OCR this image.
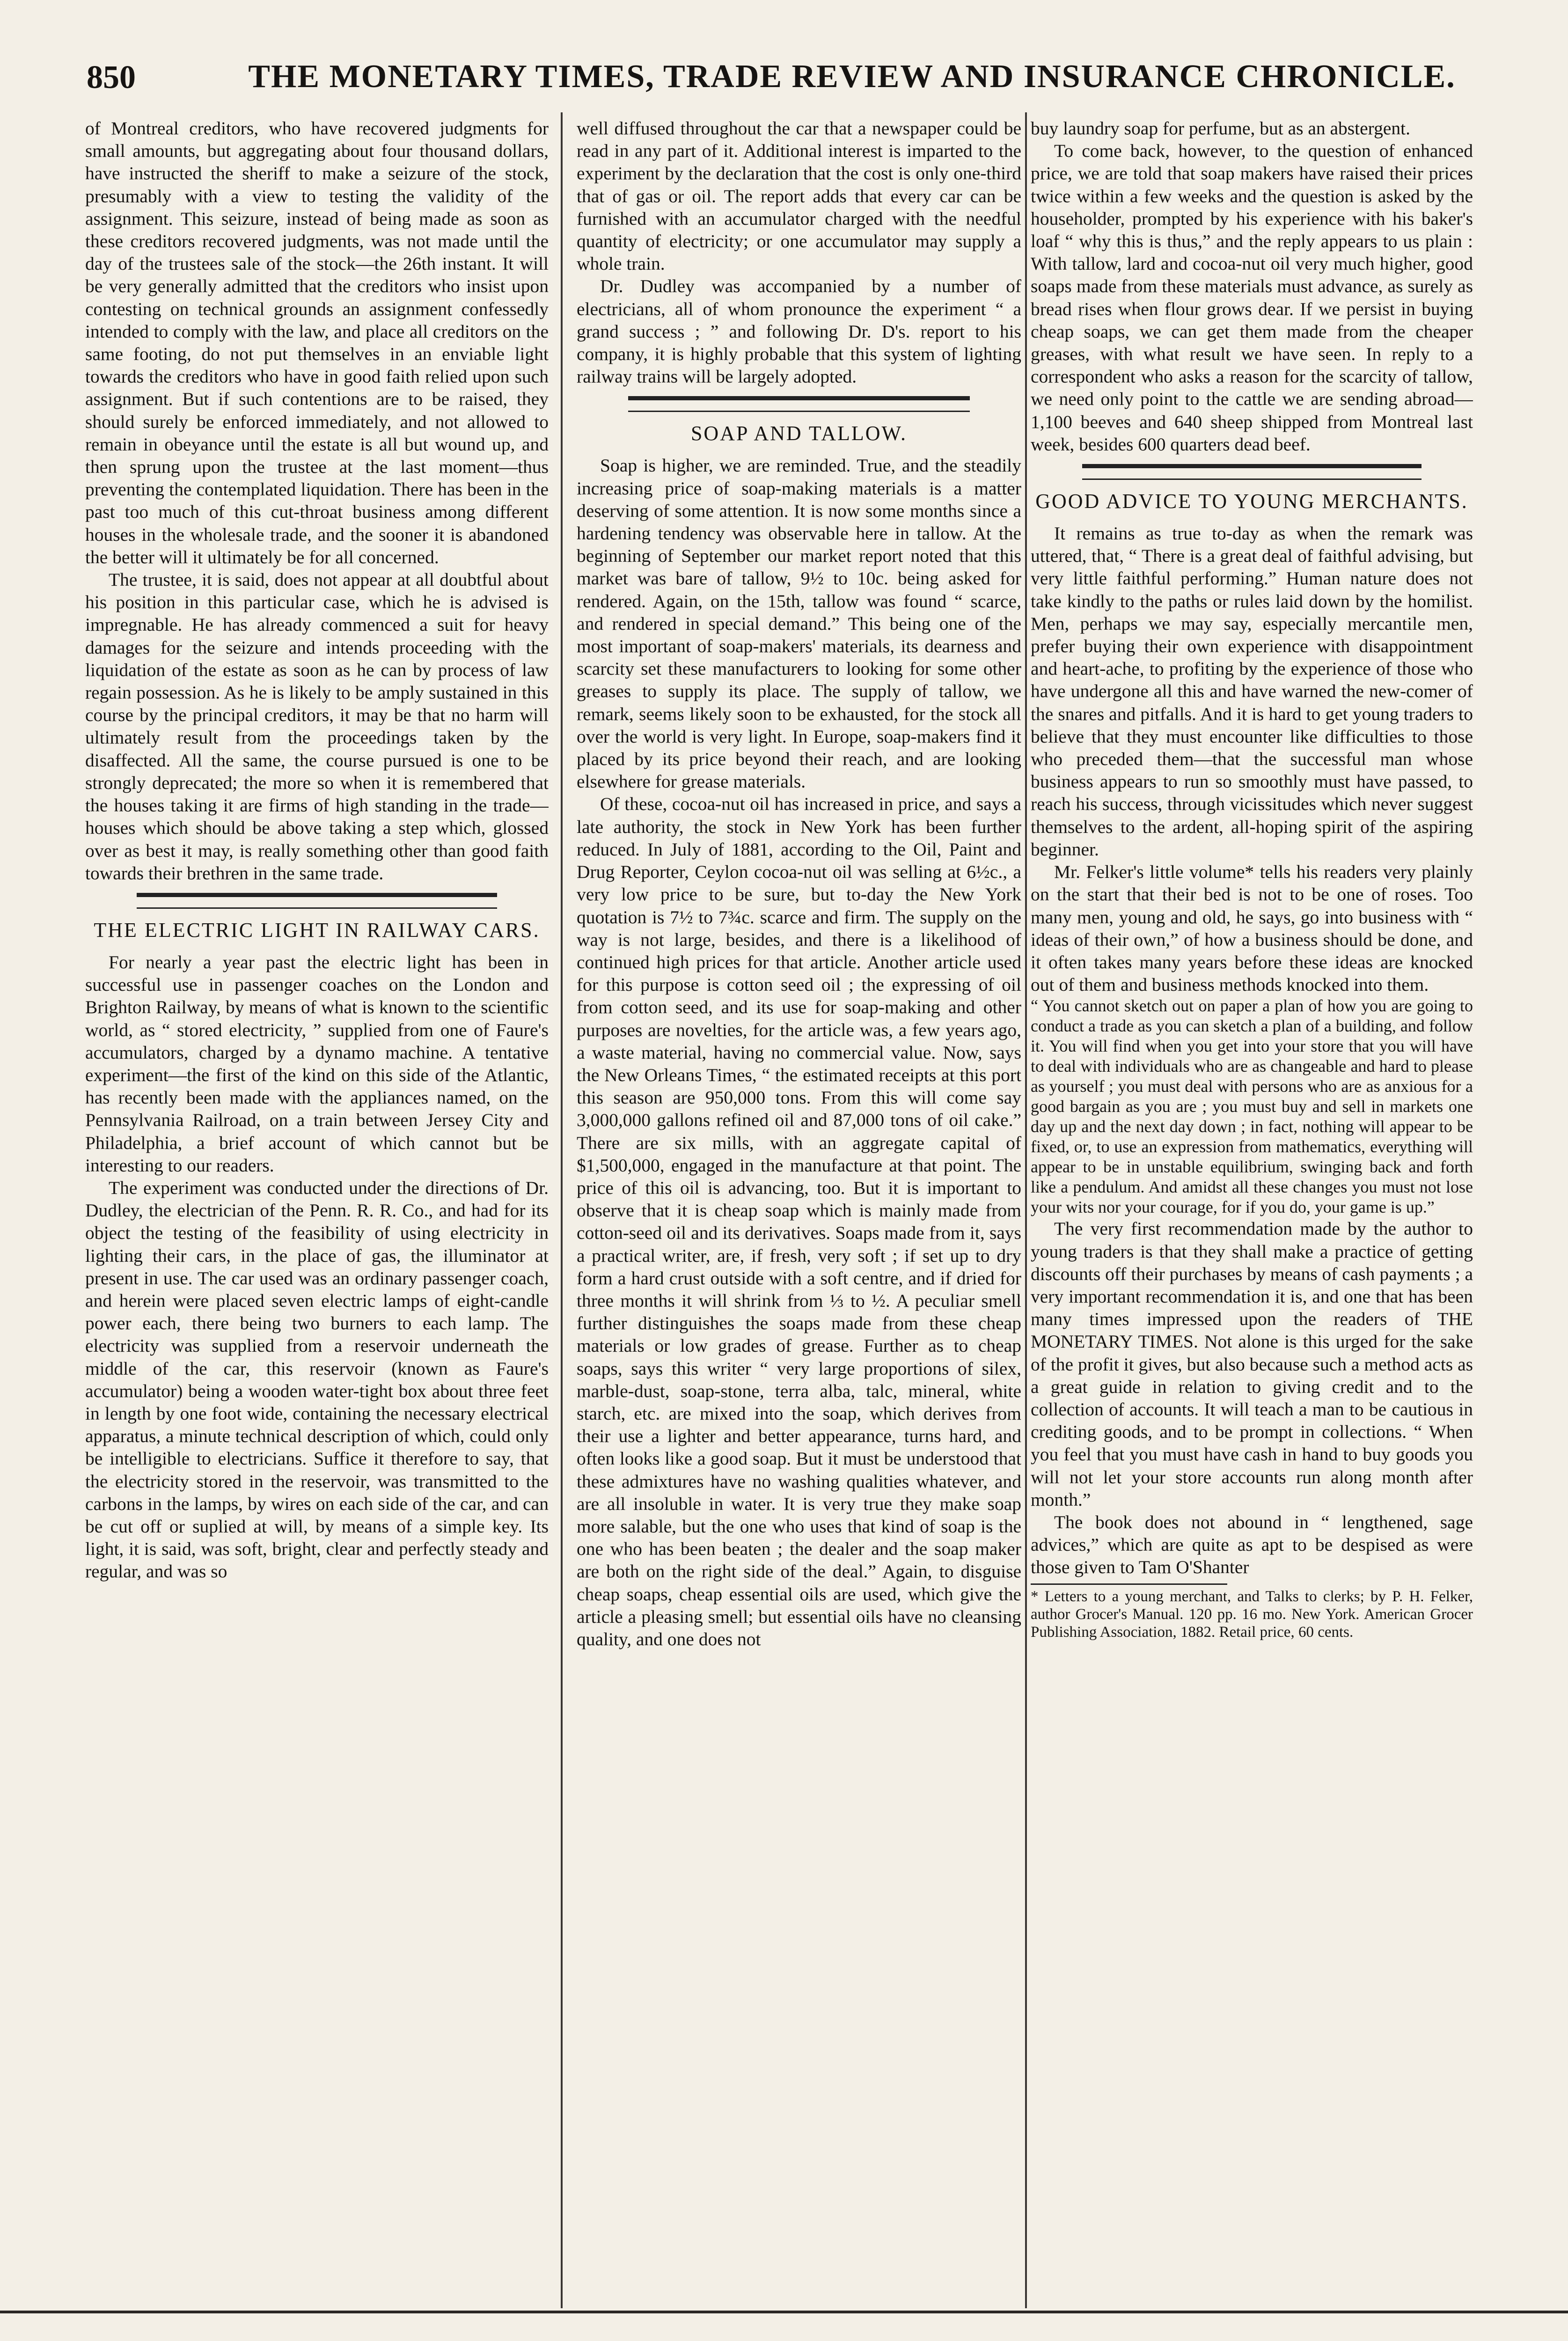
850	THE MONETARY TIMES, TRADE REVIEW AND INSURANCE CHRONICLE.

of Montreal creditors, who have recovered judgments for small amounts, but aggregating about four thousand dollars, have instructed the sheriff to make a seizure of the stock, presumably with a view to testing the validity of the assignment. This seizure, instead of being made as soon as these creditors recovered judgments, was not made until the day of the trustees sale of the stock—the 26th instant. It will be very generally admitted that the creditors who insist upon contesting on technical grounds an assignment confessedly intended to comply with the law, and place all creditors on the same footing, do not put themselves in an enviable light towards the creditors who have in good faith relied upon such assignment. But if such contentions are to be raised, they should surely be enforced immediately, and not allowed to remain in obeyance until the estate is all but wound up, and then sprung upon the trustee at the last moment—thus preventing the contemplated liquidation. There has been in the past too much of this cut-throat business among different houses in the wholesale trade, and the sooner it is abandoned the better will it ultimately be for all concerned.

The trustee, it is said, does not appear at all doubtful about his position in this particular case, which he is advised is impregnable. He has already commenced a suit for heavy damages for the seizure and intends proceeding with the liquidation of the estate as soon as he can by process of law regain possession. As he is likely to be amply sustained in this course by the principal creditors, it may be that no harm will ultimately result from the proceedings taken by the disaffected. All the same, the course pursued is one to be strongly deprecated; the more so when it is remembered that the houses taking it are firms of high standing in the trade—houses which should be above taking a step which, glossed over as best it may, is really something other than good faith towards their brethren in the same trade.

THE ELECTRIC LIGHT IN RAILWAY CARS.

For nearly a year past the electric light has been in successful use in passenger coaches on the London and Brighton Railway, by means of what is known to the scientific world, as “ stored electricity, ” supplied from one of Faure's accumulators, charged by a dynamo machine. A tentative experiment—the first of the kind on this side of the Atlantic, has recently been made with the appliances named, on the Pennsylvania Railroad, on a train between Jersey City and Philadelphia, a brief account of which cannot but be interesting to our readers.

The experiment was conducted under the directions of Dr. Dudley, the electrician of the Penn. R. R. Co., and had for its object the testing of the feasibility of using electricity in lighting their cars, in the place of gas, the illuminator at present in use. The car used was an ordinary passenger coach, and herein were placed seven electric lamps of eight-candle power each, there being two burners to each lamp. The electricity was supplied from a reservoir underneath the middle of the car, this reservoir (known as Faure's accumulator) being a wooden water-tight box about three feet in length by one foot wide, containing the necessary electrical apparatus, a minute technical description of which, could only be intelligible to electricians. Suffice it therefore to say, that the electricity stored in the reservoir, was transmitted to the carbons in the lamps, by wires on each side of the car, and can be cut off or suplied at will, by means of a simple key. Its light, it is said, was soft, bright, clear and perfectly steady and regular, and was so

well diffused throughout the car that a newspaper could be read in any part of it. Additional interest is imparted to the experiment by the declaration that the cost is only one-third that of gas or oil. The report adds that every car can be furnished with an accumulator charged with the needful quantity of electricity; or one accumulator may supply a whole train.

Dr. Dudley was accompanied by a number of electricians, all of whom pronounce the experiment “ a grand success ; ” and following Dr. D's. report to his company, it is highly probable that this system of lighting railway trains will be largely adopted.

SOAP AND TALLOW.

Soap is higher, we are reminded. True, and the steadily increasing price of soap-making materials is a matter deserving of some attention. It is now some months since a hardening tendency was observable here in tallow. At the beginning of September our market report noted that this market was bare of tallow, 9½ to 10c. being asked for rendered. Again, on the 15th, tallow was found “ scarce, and rendered in special demand.” This being one of the most important of soap-makers' materials, its dearness and scarcity set these manufacturers to looking for some other greases to supply its place. The supply of tallow, we remark, seems likely soon to be exhausted, for the stock all over the world is very light. In Europe, soap-makers find it placed by its price beyond their reach, and are looking elsewhere for grease materials.

Of these, cocoa-nut oil has increased in price, and says a late authority, the stock in New York has been further reduced. In July of 1881, according to the Oil, Paint and Drug Reporter, Ceylon cocoa-nut oil was selling at 6½c., a very low price to be sure, but to-day the New York quotation is 7½ to 7¾c. scarce and firm. The supply on the way is not large, besides, and there is a likelihood of continued high prices for that article. Another article used for this purpose is cotton seed oil ; the expressing of oil from cotton seed, and its use for soap-making and other purposes are novelties, for the article was, a few years ago, a waste material, having no commercial value. Now, says the New Orleans Times, “ the estimated receipts at this port this season are 950,000 tons. From this will come say 3,000,000 gallons refined oil and 87,000 tons of oil cake.” There are six mills, with an aggregate capital of $1,500,000, engaged in the manufacture at that point. The price of this oil is advancing, too. But it is important to observe that it is cheap soap which is mainly made from cotton-seed oil and its derivatives. Soaps made from it, says a practical writer, are, if fresh, very soft ; if set up to dry form a hard crust outside with a soft centre, and if dried for three months it will shrink from ⅓ to ½. A peculiar smell further distinguishes the soaps made from these cheap materials or low grades of grease. Further as to cheap soaps, says this writer “ very large proportions of silex, marble-dust, soap-stone, terra alba, talc, mineral, white starch, etc. are mixed into the soap, which derives from their use a lighter and better appearance, turns hard, and often looks like a good soap. But it must be understood that these admixtures have no washing qualities whatever, and are all insoluble in water. It is very true they make soap more salable, but the one who uses that kind of soap is the one who has been beaten ; the dealer and the soap maker are both on the right side of the deal.” Again, to disguise cheap soaps, cheap essential oils are used, which give the article a pleasing smell; but essential oils have no cleansing quality, and one does not

buy laundry soap for perfume, but as an abstergent.

To come back, however, to the question of enhanced price, we are told that soap makers have raised their prices twice within a few weeks and the question is asked by the householder, prompted by his experience with his baker's loaf “ why this is thus,” and the reply appears to us plain : With tallow, lard and cocoa-nut oil very much higher, good soaps made from these materials must advance, as surely as bread rises when flour grows dear. If we persist in buying cheap soaps, we can get them made from the cheaper greases, with what result we have seen. In reply to a correspondent who asks a reason for the scarcity of tallow, we need only point to the cattle we are sending abroad—1,100 beeves and 640 sheep shipped from Montreal last week, besides 600 quarters dead beef.

GOOD ADVICE TO YOUNG MERCHANTS.

It remains as true to-day as when the remark was uttered, that, “ There is a great deal of faithful advising, but very little faithful performing.” Human nature does not take kindly to the paths or rules laid down by the homilist. Men, perhaps we may say, especially mercantile men, prefer buying their own experience with disappointment and heart-ache, to profiting by the experience of those who have undergone all this and have warned the new-comer of the snares and pitfalls. And it is hard to get young traders to believe that they must encounter like difficulties to those who preceded them—that the successful man whose business appears to run so smoothly must have passed, to reach his success, through vicissitudes which never suggest themselves to the ardent, all-hoping spirit of the aspiring beginner.

Mr. Felker's little volume* tells his readers very plainly on the start that their bed is not to be one of roses. Too many men, young and old, he says, go into business with “ ideas of their own,” of how a business should be done, and it often takes many years before these ideas are knocked out of them and business methods knocked into them.

“ You cannot sketch out on paper a plan of how you are going to conduct a trade as you can sketch a plan of a building, and follow it. You will find when you get into your store that you will have to deal with individuals who are as changeable and hard to please as yourself ; you must deal with persons who are as anxious for a good bargain as you are ; you must buy and sell in markets one day up and the next day down ; in fact, nothing will appear to be fixed, or, to use an expression from mathematics, everything will appear to be in unstable equilibrium, swinging back and forth like a pendulum. And amidst all these changes you must not lose your wits nor your courage, for if you do, your game is up.”

The very first recommendation made by the author to young traders is that they shall make a practice of getting discounts off their purchases by means of cash payments ; a very important recommendation it is, and one that has been many times impressed upon the readers of THE MONETARY TIMES. Not alone is this urged for the sake of the profit it gives, but also because such a method acts as a great guide in relation to giving credit and to the collection of accounts. It will teach a man to be cautious in crediting goods, and to be prompt in collections. “ When you feel that you must have cash in hand to buy goods you will not let your store accounts run along month after month.”

The book does not abound in “ lengthened, sage advices,” which are quite as apt to be despised as were those given to Tam O'Shanter

* Letters to a young merchant, and Talks to clerks; by P. H. Felker, author Grocer's Manual. 120 pp. 16 mo. New York. American Grocer Publishing Association, 1882. Retail price, 60 cents.
